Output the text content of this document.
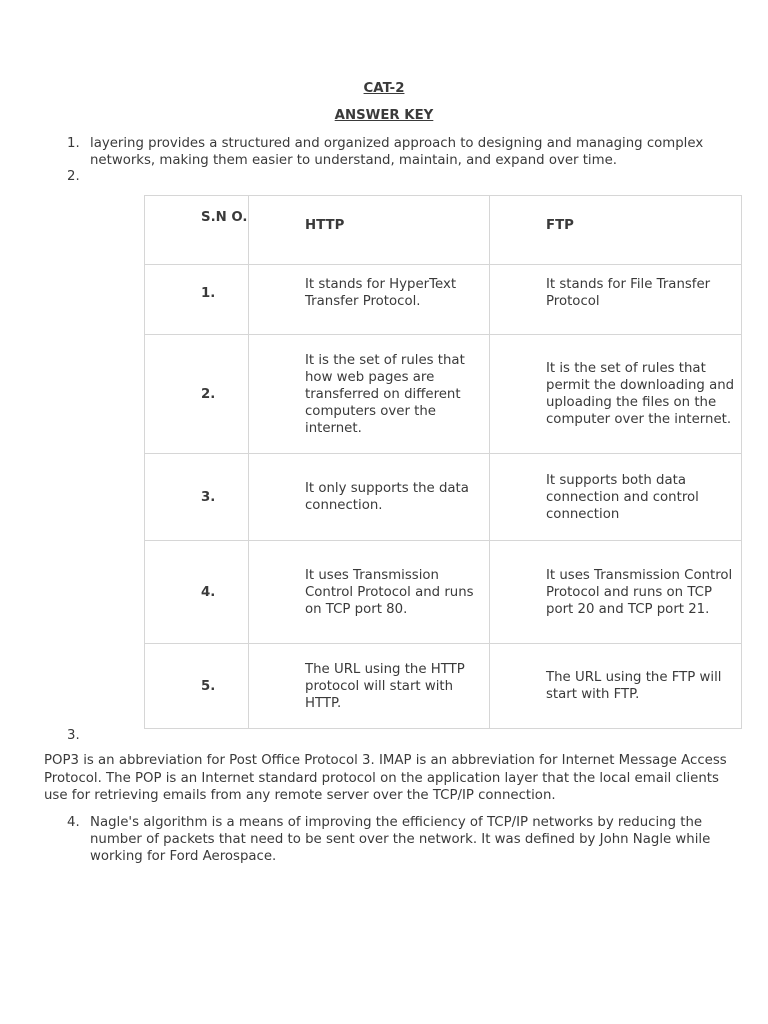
CAT-2
ANSWER KEY
1. layering provides a structured and organized approach to designing and managing complex networks, making them easier to understand, maintain, and expand over time.
2.
S.N O.	HTTP	FTP
1.	It stands for HyperText Transfer Protocol.	It stands for File Transfer Protocol
2.	It is the set of rules that how web pages are transferred on different computers over the internet.	It is the set of rules that permit the downloading and uploading the files on the computer over the internet.
3.	It only supports the data connection.	It supports both data connection and control connection
4.	It uses Transmission Control Protocol and runs on TCP port 80.	It uses Transmission Control Protocol and runs on TCP port 20 and TCP port 21.
5.	The URL using the HTTP protocol will start with HTTP.	The URL using the FTP will start with FTP.
3.
POP3 is an abbreviation for Post Office Protocol 3. IMAP is an abbreviation for Internet Message Access Protocol. The POP is an Internet standard protocol on the application layer that the local email clients use for retrieving emails from any remote server over the TCP/IP connection.
4. Nagle's algorithm is a means of improving the efficiency of TCP/IP networks by reducing the number of packets that need to be sent over the network. It was defined by John Nagle while working for Ford Aerospace.
